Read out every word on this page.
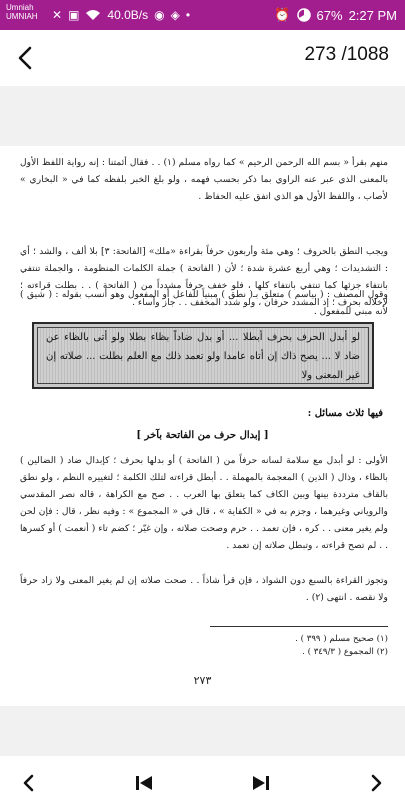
Umniah
UMNIAH ✕ ▣ 40.0B/s ◉ ◈ •	⏰ 67% 2:27 PM
273 /1088
منهم بقرأ « بسم الله الرحمن الرحيم » كما رواه مسلم (١) . . فقال أئمتنا : إنه رواية اللفظ الأول بالمعنى الذي عبر عنه الراوي بما ذكر بحسب فهمه ، ولو بلغ الخبر بلفظه كما في « البخاري » لأصاب ، واللفظ الأول هو الذي اتفق عليه الحفاظ .
ويجب النطق بالحروف ؛ وهي مئة وأربعون حرفاً بقراءة «ملك» [الفاتحة: ٣] بلا ألف ، والشد ؛ أي : التشديدات ؛ وهي أربع عشرة شدة ؛ لأن ( الفاتحة ) جملة الكلمات المنظومة ، والجملة تنتفي بانتفاء جزئها كما تنتفي بانتفاء كلها ، فلو خفف حرفاً مشدداً من ( الفاتحة ) . . بطلت قراءته ؛ لإخلاله بحرف ؛ إذ المشدد حرفان ، ولو شدد المخفف . . جاز وأساء .
وقول المصنف : ( بياسم ) متعلق بـ( نطق ) مبنياً للفاعل أو المفعول وهو أنسب بقوله : ( شيق ) لأنه مبني للمفعول .
لو أبدل الحرف بحرف أبطلا ... أو بدل ضاداً بظاء بطلا ولو أتى بالظاء عن ضاد لا ... يصح ذاك إن أتاه عامدا ولو تعمد ذلك مع العلم بطلت ... صلاته إن غير المعنى ولا
فيها ثلاث مسائل :
[ إبدال حرف من الفاتحة بآخر ]
الأولى : لو أبدل مع سلامة لسانه حرفاً من ( الفاتحة ) أو بدلها بحرف ؛ كإبدال ضاد ( الضالين ) بالظاء ، وذال ( الذين ) المعجمة بالمهملة . . أبطل قراءته لتلك الكلمة ؛ لتغييره النظم ، ولو نطق بالقاف مترددة بينها وبين الكاف كما يتعلق بها العرب . . صح مع الكراهة ، قاله نصر المقدسي والروياني وغيرهما ، وجزم به في « الكفاية » ، قال في « المجموع » : وفيه نظر ، قال : فإن لحن ولم يغير معنى . . كره ، فإن تعمد . . حرم وصحت صلاته ، وإن غيّر ؛ كضم تاء ( أنعمت ) أو كسرها . . لم تصح قراءته ، وتبطل صلاته إن تعمد .
وتجوز القراءة بالسبع دون الشواذ ، فإن قرأ شاذاً . . صحت صلاته إن لم يغير المعنى ولا زاد حرفاً ولا نقصه . انتهى (٢) .
(١) صحيح مسلم ( ٣٩٩ ) .
(٢) المجموع ( ٣٤٩/٣ ) .
٢٧٣
